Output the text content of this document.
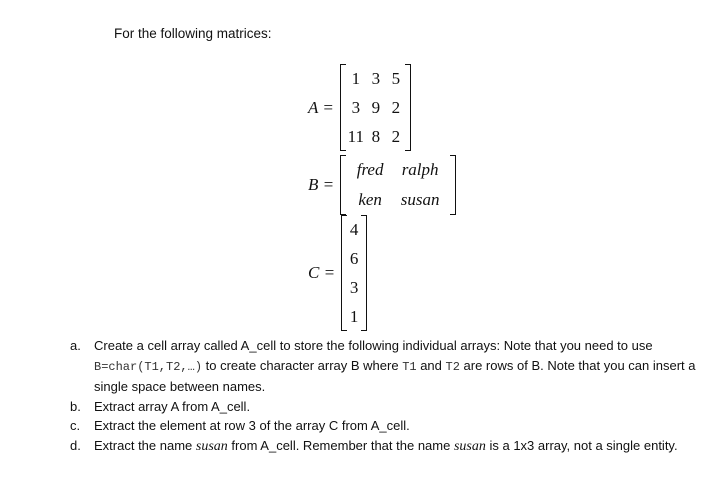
For the following matrices:
A =
1 3 5
3 9 2
11 8 2
B =
fred	ralph
ken	susan
C =
4
6
3
1
a.	Create a cell array called A_cell to store the following individual arrays: Note that you need to use
B=char(T1,T2,…) to create character array B where T1 and T2 are rows of B. Note that you can insert a single space between names.
b.	Extract array A from A_cell.
c.	Extract the element at row 3 of the array C from A_cell.
d.	Extract the name susan from A_cell. Remember that the name susan is a 1x3 array, not a single entity.
